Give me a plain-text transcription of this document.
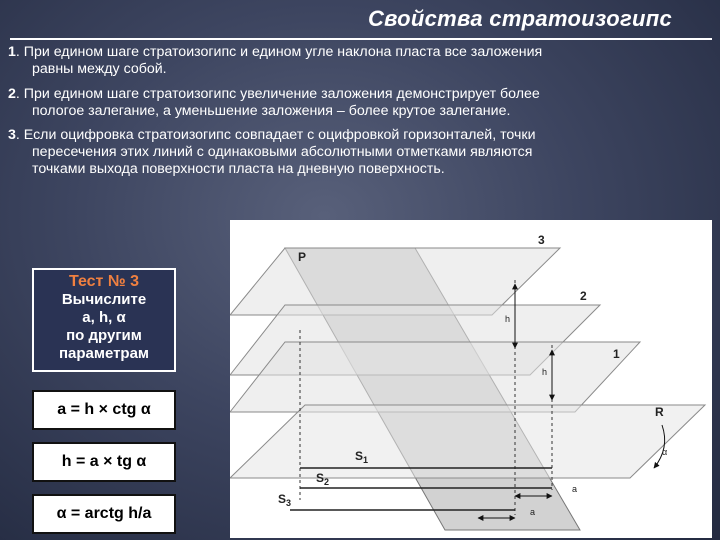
Свойства стратоизогипс
1. При едином шаге стратоизогипс и едином угле наклона пласта все заложения
равны между собой.
2. При едином шаге стратоизогипс увеличение заложения демонстрирует более
пологое залегание, а уменьшение заложения – более крутое залегание.
3. Если оцифровка стратоизогипс совпадает с оцифровкой горизонталей, точки
пересечения этих линий с одинаковыми абсолютными отметками являются
точками выхода поверхности пласта на дневную поверхность.
Тест № 3
Вычислите
a, h, α
по другим
параметрам
a = h × ctg α
h = a × tg α
α = arctg h/a
P
3
2
1
R
h
h
α
$S_1$
$S_2$
$S_3$
a
a
